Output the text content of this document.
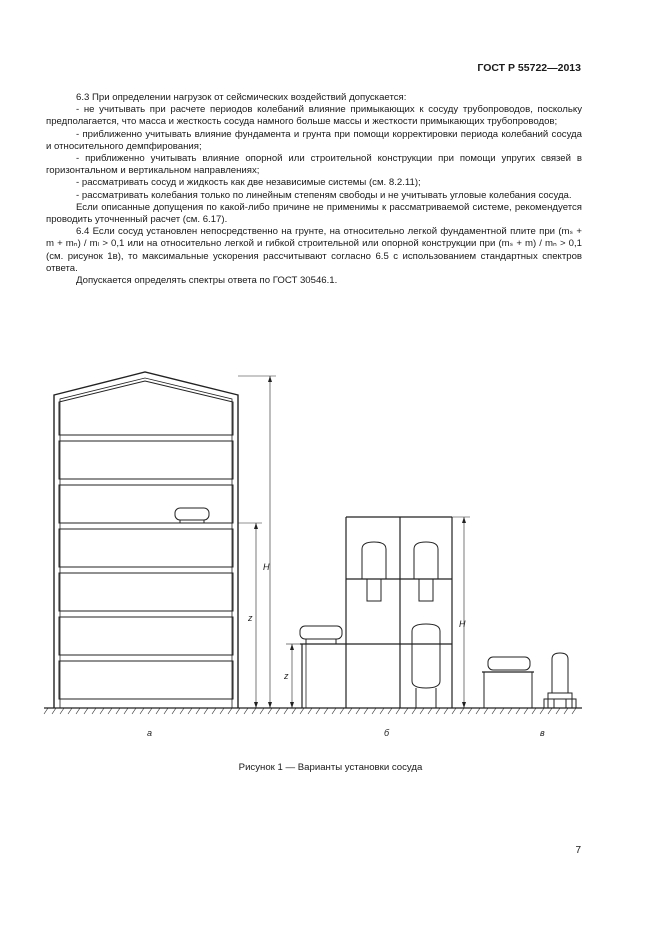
ГОСТ Р 55722—2013

6.3 При определении нагрузок от сейсмических воздействий допускается:

- не учитывать при расчете периодов колебаний влияние примыкающих к сосуду трубопроводов, поскольку предполагается, что масса и жесткость сосуда намного больше массы и жесткости примыкающих трубопроводов;

- приближенно учитывать влияние фундамента и грунта при помощи корректировки периода колебаний сосуда и относительного демпфирования;

- приближенно учитывать влияние опорной или строительной конструкции при помощи упругих связей в горизонтальном и вертикальном направлениях;

- рассматривать сосуд и жидкость как две независимые системы (см. 8.2.11);

- рассматривать колебания только по линейным степеням свободы и не учитывать угловые колебания сосуда.

Если описанные допущения по какой-либо причине не применимы к рассматриваемой системе, рекомендуется проводить уточненный расчет (см. 6.17).

6.4 Если сосуд установлен непосредственно на грунте, на относительно легкой фундаментной плите при (mₛ + m + mₙ) / mₗ > 0,1 или на относительно легкой и гибкой строительной или опорной конструкции при (mₛ + m) / mₙ > 0,1 (см. рисунок 1в), то максимальные ускорения рассчитывают согласно 6.5 с использованием стандартных спектров ответа.

Допускается определять спектры ответа по ГОСТ 30546.1.

H
z
H
z
а	б	в
Рисунок 1 — Варианты установки сосуда
7
